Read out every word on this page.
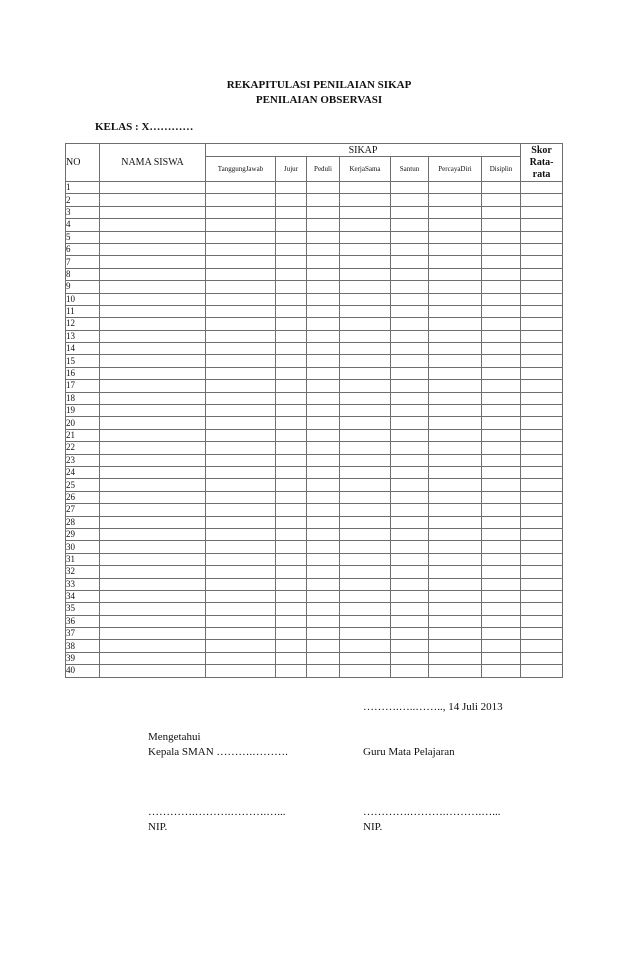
REKAPITULASI PENILAIAN SIKAP
PENILAIAN OBSERVASI
KELAS : X…………
NO	NAMA SISWA	SIKAP							Skor
Rata-
rata

		TanggungJawab	Jujur	Peduli	KerjaSama	Santun	PercayaDiri	Disiplin	
1									
2									
3									
4									
5									
6									
7									
8									
9									
10									
11									
12									
13									
14									
15									
16									
17									
18									
19									
20									
21									
22									
23									
24									
25									
26									
27									
28									
29									
30									
31									
32									
33									
34									
35									
36									
37									
38									
39									
40									
……….…..…….., 14 Juli 2013
Mengetahui
Kepala SMAN ……….……….	Guru Mata Pelajaran
………….……….……….…...	………….……….……….…...
NIP.	NIP.
